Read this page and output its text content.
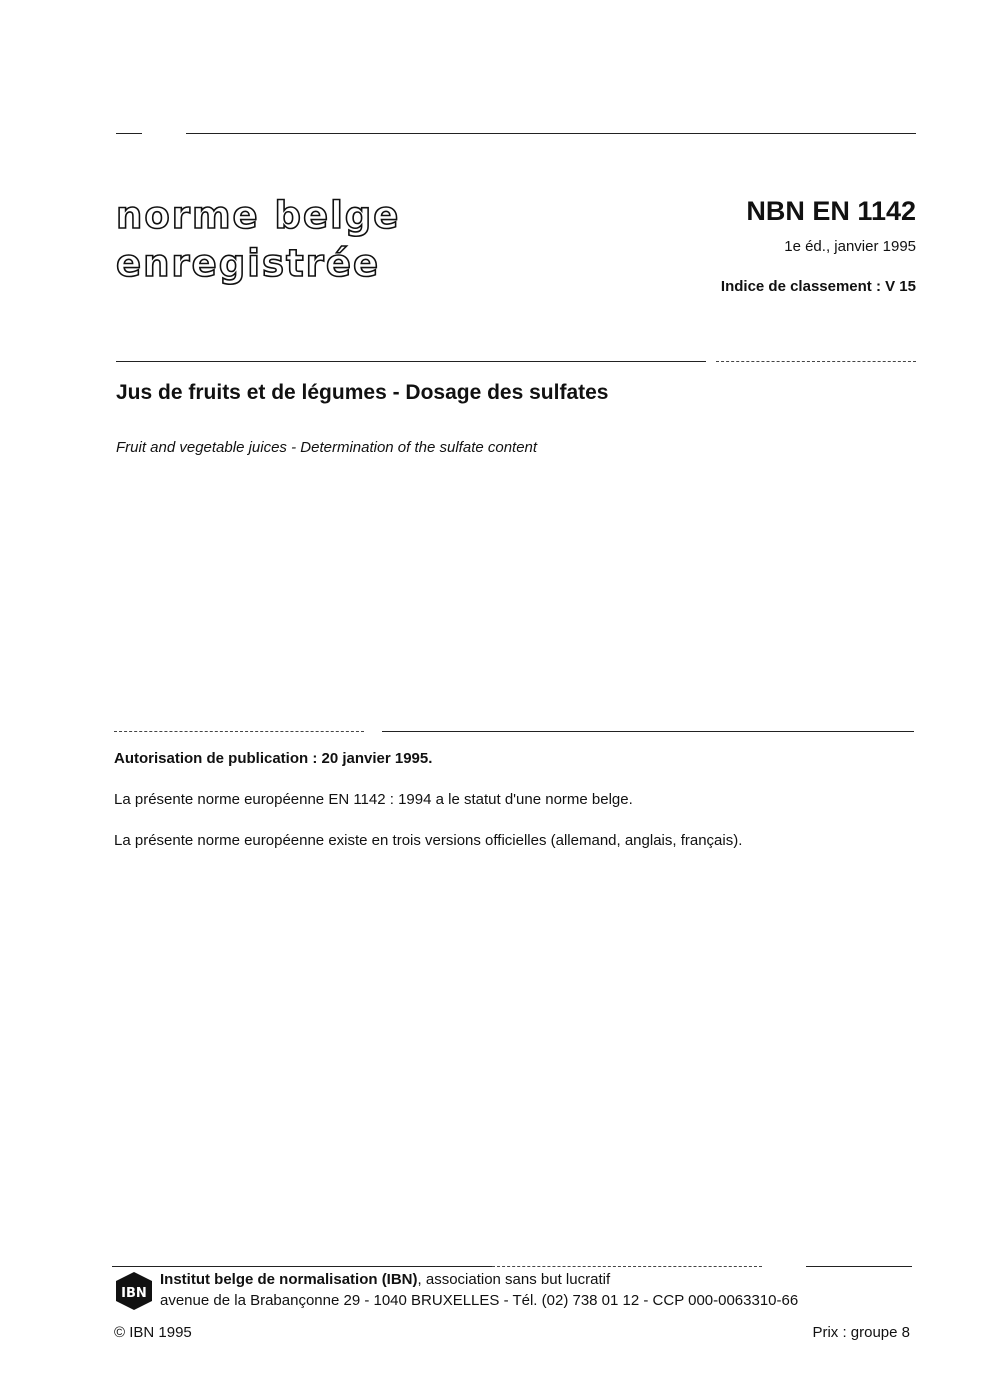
norme belge
enregistrée
NBN EN 1142
1e éd., janvier 1995
Indice de classement : V 15
Jus de fruits et de légumes - Dosage des sulfates
Fruit and vegetable juices - Determination of the sulfate content
Autorisation de publication : 20 janvier 1995.
La présente norme européenne EN 1142 : 1994 a le statut d'une norme belge.
La présente norme européenne existe en trois versions officielles (allemand, anglais, français).
IBN
Institut belge de normalisation (IBN), association sans but lucratif
avenue de la Brabançonne 29 - 1040 BRUXELLES - Tél. (02) 738 01 12 - CCP 000-0063310-66
© IBN 1995	Prix : groupe 8
